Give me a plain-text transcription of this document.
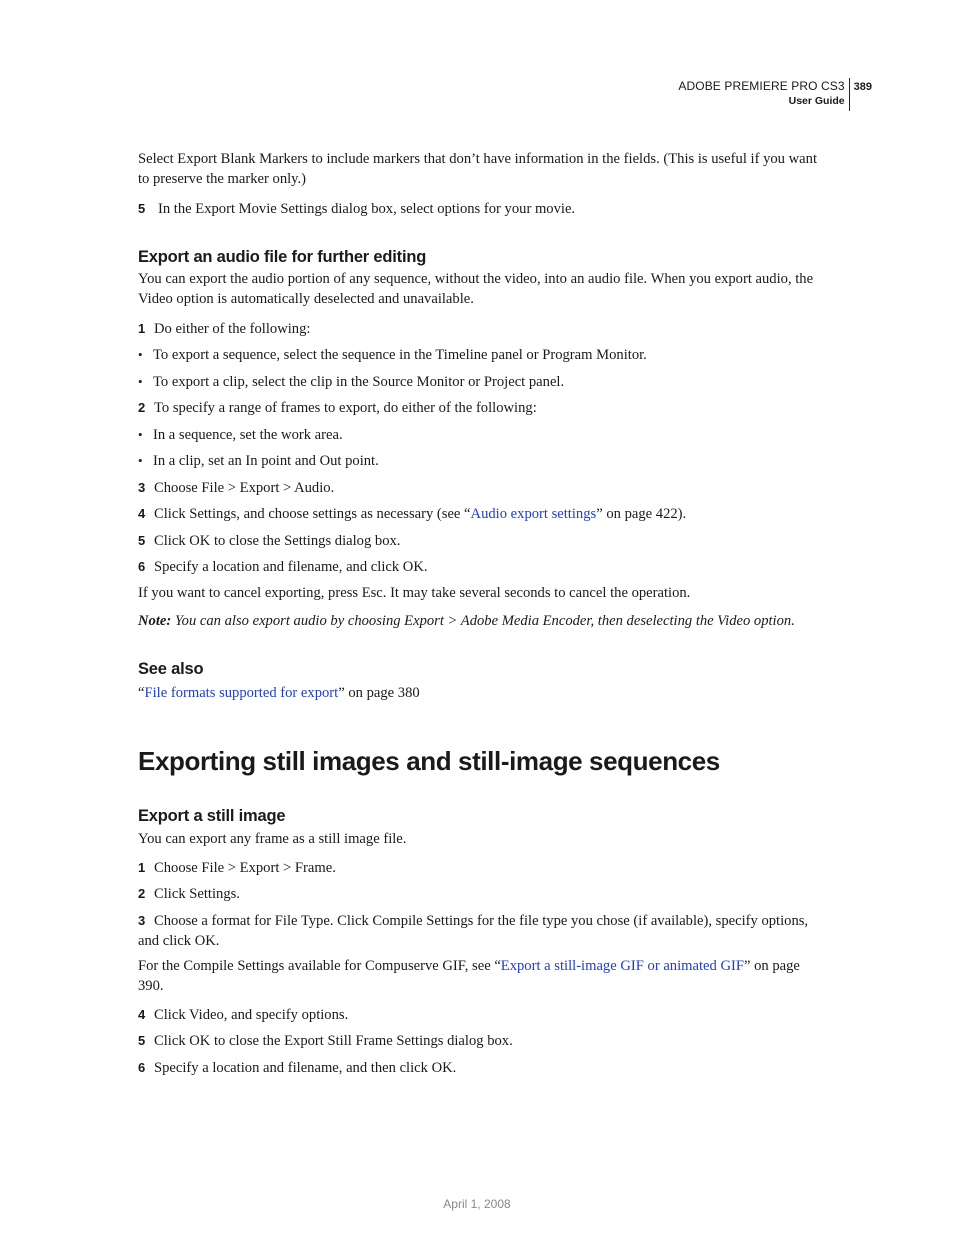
ADOBE PREMIERE PRO CS3
User Guide
389

Select Export Blank Markers to include markers that don’t have information in the fields. (This is useful if you want to preserve the marker only.)

5 In the Export Movie Settings dialog box, select options for your movie.

Export an audio file for further editing

You can export the audio portion of any sequence, without the video, into an audio file. When you export audio, the Video option is automatically deselected and unavailable.

1 Do either of the following:

• To export a sequence, select the sequence in the Timeline panel or Program Monitor.

• To export a clip, select the clip in the Source Monitor or Project panel.

2 To specify a range of frames to export, do either of the following:

• In a sequence, set the work area.

• In a clip, set an In point and Out point.

3 Choose File > Export > Audio.

4 Click Settings, and choose settings as necessary (see “Audio export settings” on page 422).

5 Click OK to close the Settings dialog box.

6 Specify a location and filename, and click OK.

If you want to cancel exporting, press Esc. It may take several seconds to cancel the operation.

Note: You can also export audio by choosing Export > Adobe Media Encoder, then deselecting the Video option.

See also

“File formats supported for export” on page 380

Exporting still images and still-image sequences
Export a still image

You can export any frame as a still image file.

1 Choose File > Export > Frame.

2 Click Settings.

3 Choose a format for File Type. Click Compile Settings for the file type you chose (if available), specify options, and click OK.

For the Compile Settings available for Compuserve GIF, see “Export a still-image GIF or animated GIF” on page 390.

4 Click Video, and specify options.

5 Click OK to close the Export Still Frame Settings dialog box.

6 Specify a location and filename, and then click OK.

April 1, 2008
